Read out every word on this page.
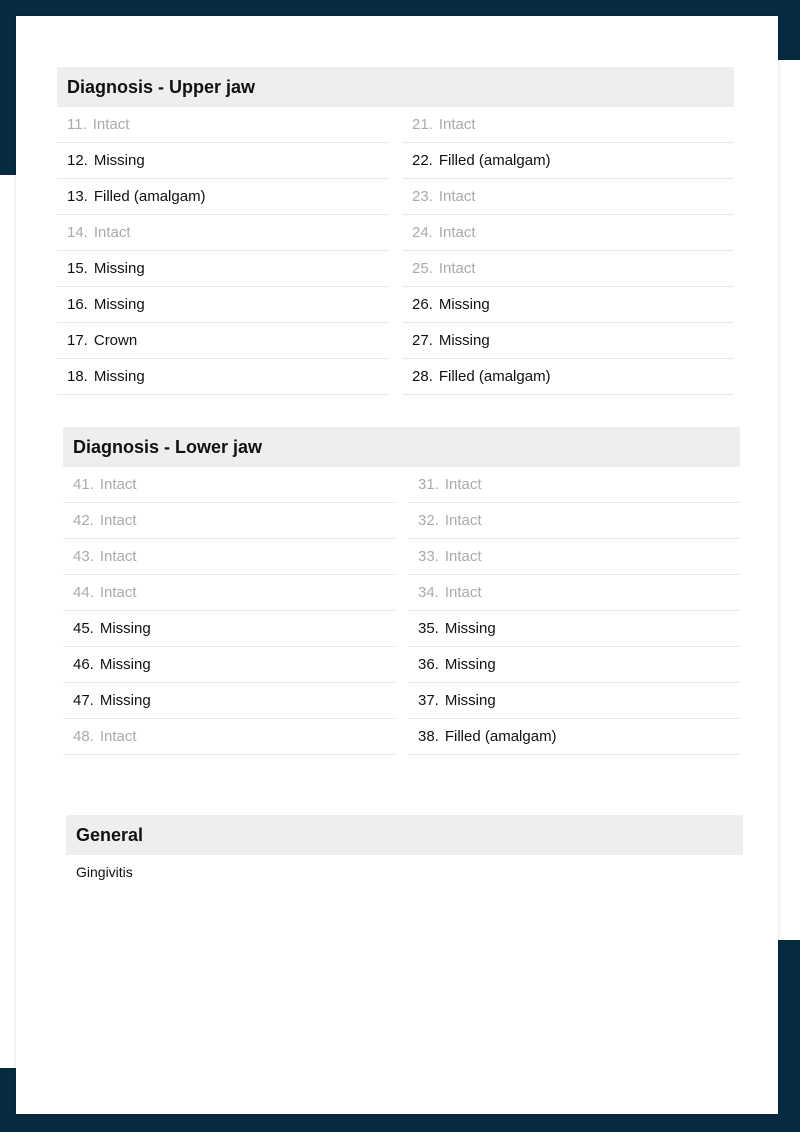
Diagnosis - Upper jaw
11. Intact
12. Missing
13. Filled (amalgam)
14. Intact
15. Missing
16. Missing
17. Crown
18. Missing
21. Intact
22. Filled (amalgam)
23. Intact
24. Intact
25. Intact
26. Missing
27. Missing
28. Filled (amalgam)
Diagnosis - Lower jaw
41. Intact
42. Intact
43. Intact
44. Intact
45. Missing
46. Missing
47. Missing
48. Intact
31. Intact
32. Intact
33. Intact
34. Intact
35. Missing
36. Missing
37. Missing
38. Filled (amalgam)
General
Gingivitis
